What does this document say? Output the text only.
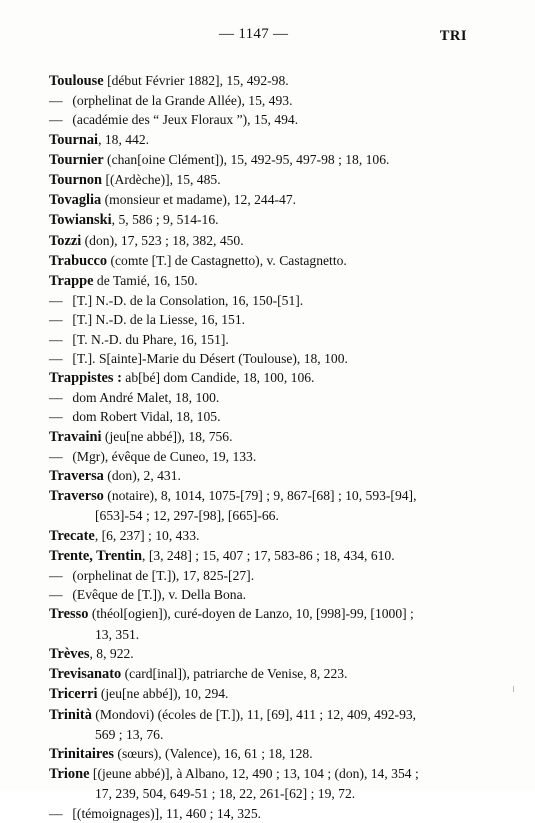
— 1147 —	TRI
Toulouse [début Février 1882], 15, 492-98.
— (orphelinat de la Grande Allée), 15, 493.
— (académie des “ Jeux Floraux ”), 15, 494.
Tournai, 18, 442.
Tournier (chan[oine Clément]), 15, 492-95, 497-98 ; 18, 106.
Tournon [(Ardèche)], 15, 485.
Tovaglia (monsieur et madame), 12, 244-47.
Towianski, 5, 586 ; 9, 514-16.
Tozzi (don), 17, 523 ; 18, 382, 450.
Trabucco (comte [T.] de Castagnetto), v. Castagnetto.
Trappe de Tamié, 16, 150.
— [T.] N.-D. de la Consolation, 16, 150-[51].
— [T.] N.-D. de la Liesse, 16, 151.
— [T. N.-D. du Phare, 16, 151].
— [T.]. S[ainte]-Marie du Désert (Toulouse), 18, 100.
Trappistes : ab[bé] dom Candide, 18, 100, 106.
— dom André Malet, 18, 100.
— dom Robert Vidal, 18, 105.
Travaini (jeu[ne abbé]), 18, 756.
— (Mgr), évêque de Cuneo, 19, 133.
Traversa (don), 2, 431.
Traverso (notaire), 8, 1014, 1075-[79] ; 9, 867-[68] ; 10, 593-[94],
[653]-54 ; 12, 297-[98], [665]-66.
Trecate, [6, 237] ; 10, 433.
Trente, Trentin, [3, 248] ; 15, 407 ; 17, 583-86 ; 18, 434, 610.
— (orphelinat de [T.]), 17, 825-[27].
— (Evêque de [T.]), v. Della Bona.
Tresso (théol[ogien]), curé-doyen de Lanzo, 10, [998]-99, [1000] ;
13, 351.
Trèves, 8, 922.
Trevisanato (card[inal]), patriarche de Venise, 8, 223.
Tricerri (jeu[ne abbé]), 10, 294.
Trinità (Mondovi) (écoles de [T.]), 11, [69], 411 ; 12, 409, 492-93,
569 ; 13, 76.
Trinitaires (sœurs), (Valence), 16, 61 ; 18, 128.
Trione [(jeune abbé)], à Albano, 12, 490 ; 13, 104 ; (don), 14, 354 ;
17, 239, 504, 649-51 ; 18, 22, 261-[62] ; 19, 72.
— [(témoignages)], 11, 460 ; 14, 325.
